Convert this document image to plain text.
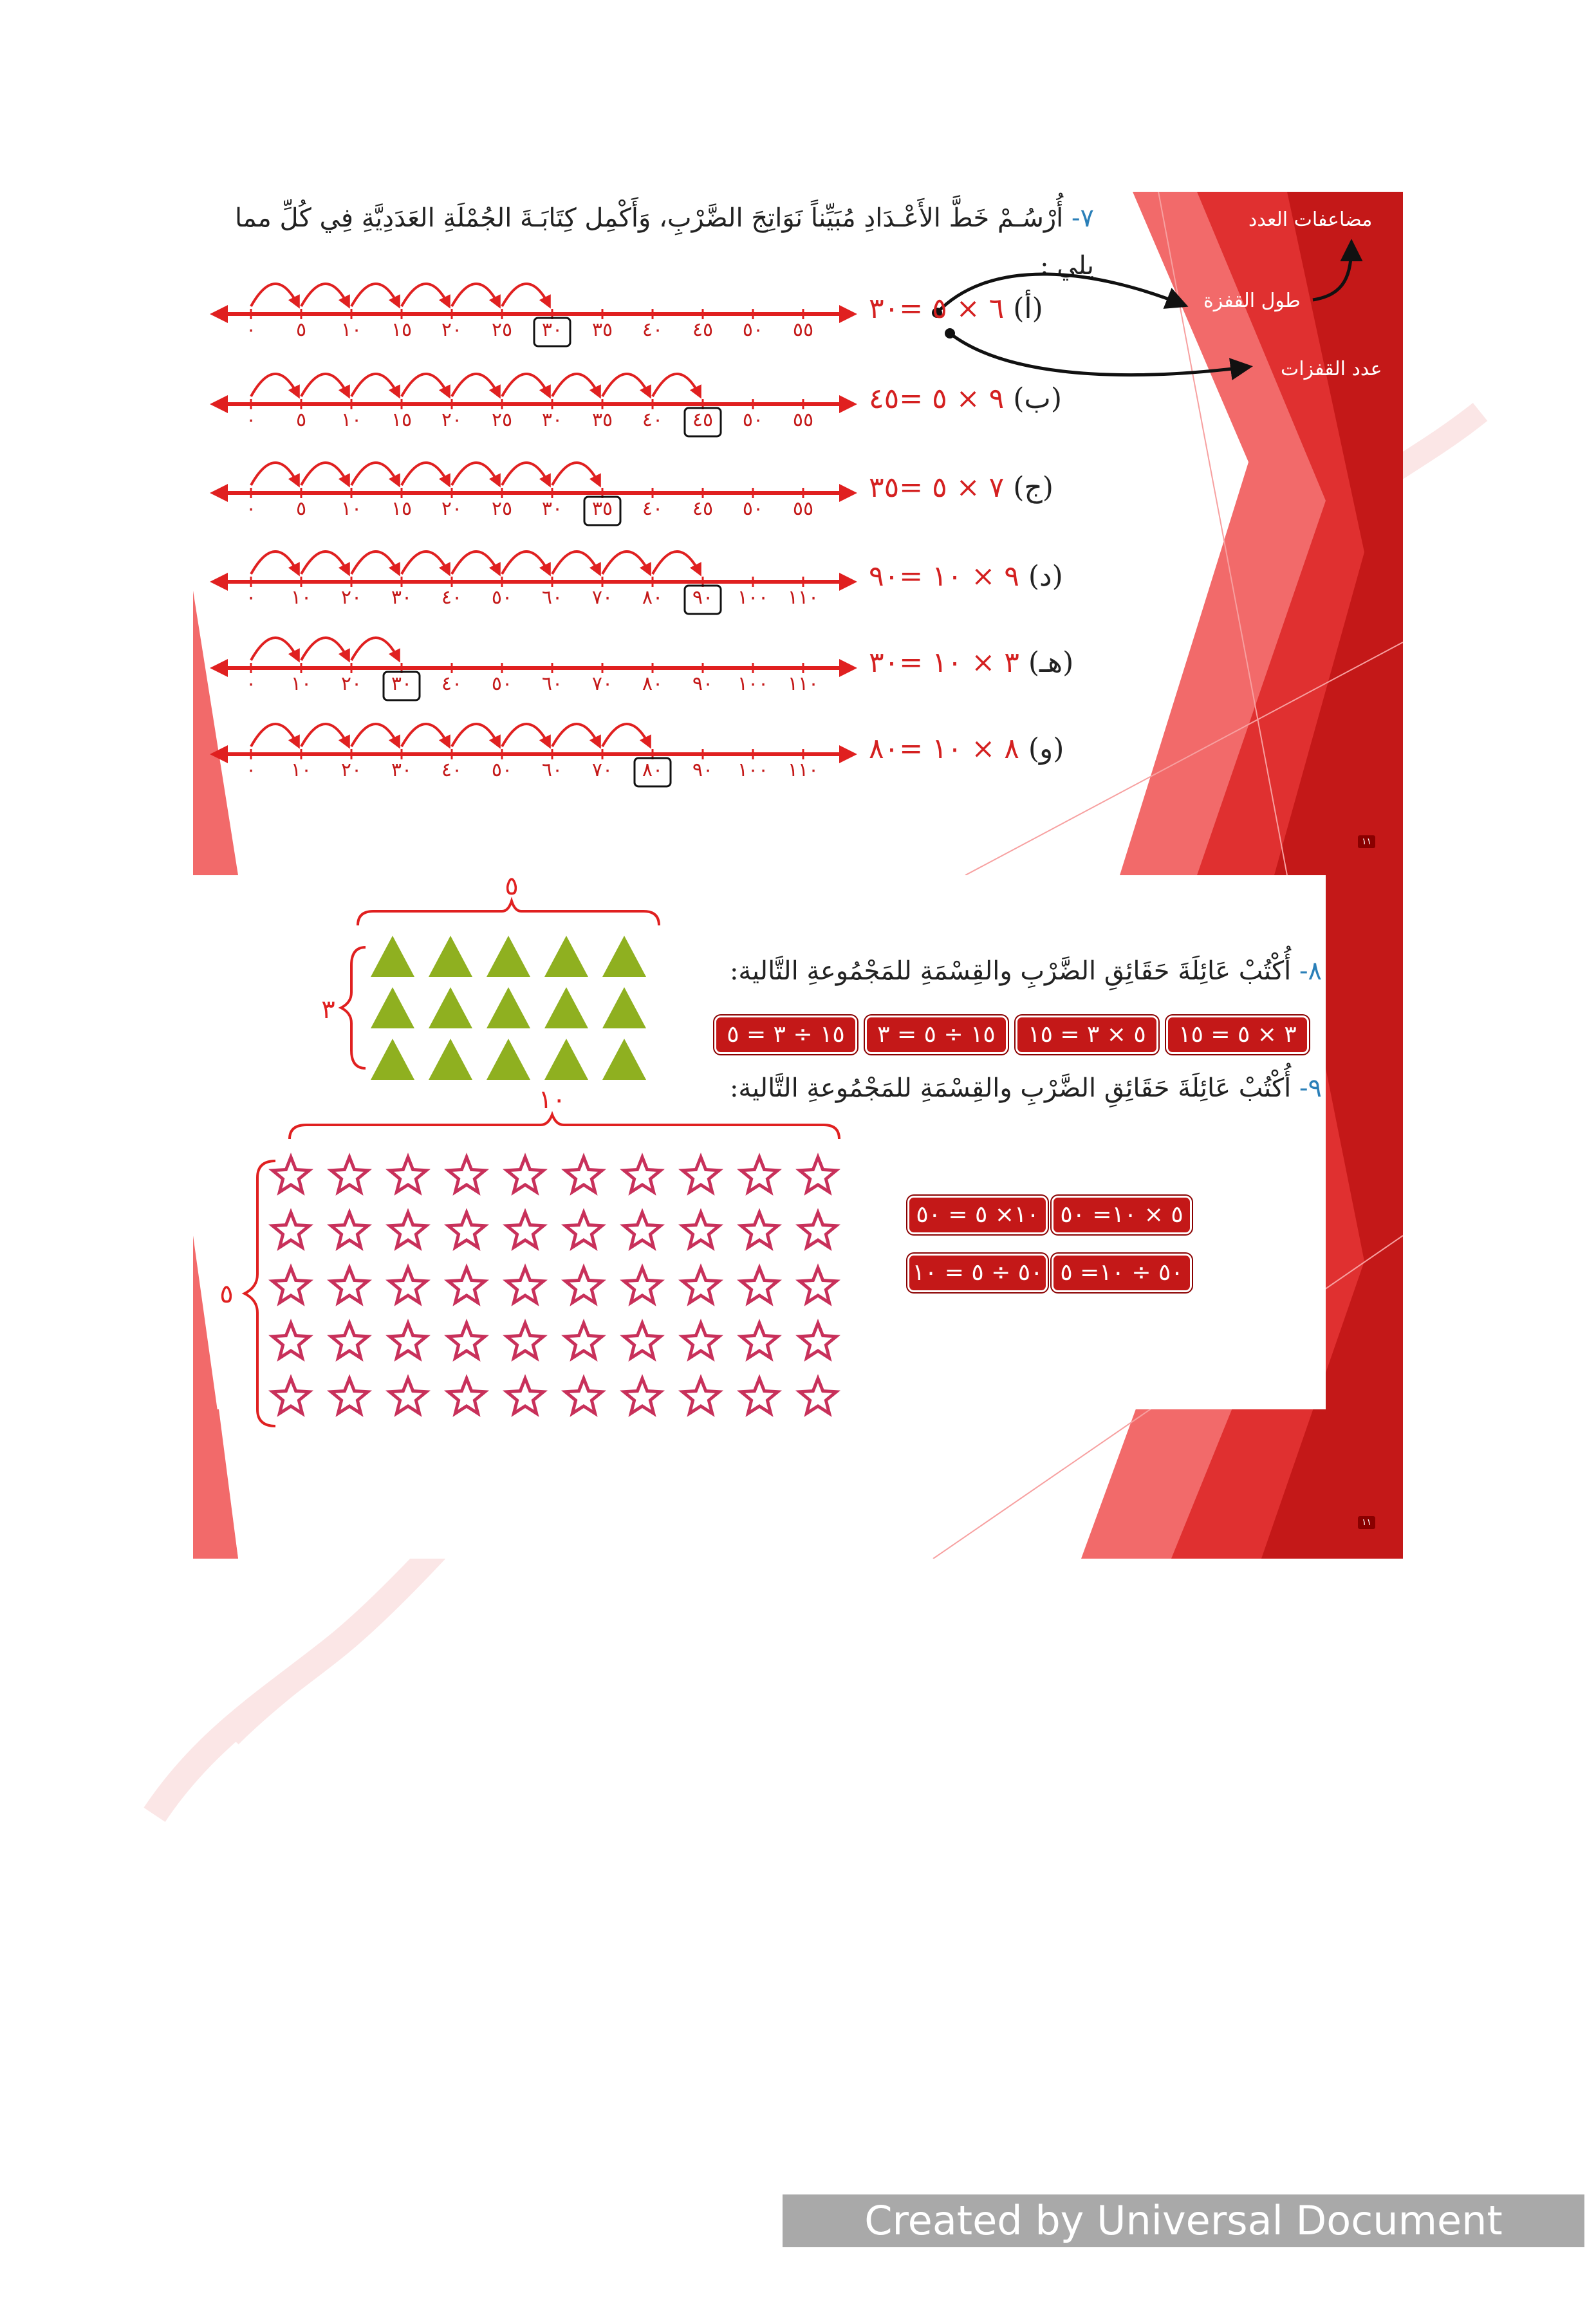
٧- أُرْسُـمْ خَطَّ الأَعْـدَادِ مُبَيِّناً نَوَاتِجَ الضَّرْبِ، وَأَكْمِل كِتَابَـةَ الجُمْلَةِ العَدَدِيَّةِ فِي كُلِّ مما
يلي :
مضاعفات العدد
طول القفزة
عدد القفزات
(أ) ٦ × ٥ =٣٠
(ب) ٩ × ٥ =٤٥
(ج) ٧ × ٥ =٣٥
(د) ٩ × ١٠ =٩٠
(هـ) ٣ × ١٠ =٣٠
(و) ٨ × ١٠ =٨٠
٠ ٥ ١٠ ١٥ ٢٠ ٢٥ ٣٠ ٣٥ ٤٠ ٤٥ ٥٠ ٥٥
٠ ٥ ١٠ ١٥ ٢٠ ٢٥ ٣٠ ٣٥ ٤٠ ٤٥ ٥٠ ٥٥
٠ ٥ ١٠ ١٥ ٢٠ ٢٥ ٣٠ ٣٥ ٤٠ ٤٥ ٥٠ ٥٥
٠ ١٠ ٢٠ ٣٠ ٤٠ ٥٠ ٦٠ ٧٠ ٨٠ ٩٠ ١٠٠ ١١٠
٠ ١٠ ٢٠ ٣٠ ٤٠ ٥٠ ٦٠ ٧٠ ٨٠ ٩٠ ١٠٠ ١١٠
٠ ١٠ ٢٠ ٣٠ ٤٠ ٥٠ ٦٠ ٧٠ ٨٠ ٩٠ ١٠٠ ١١٠
١١
٨- أُكْتُبْ عَائِلَةَ حَقَائِقِ الضَّرْبِ والقِسْمَةِ للمَجْمُوعةِ التَّالية:
٣ × ٥ = ١٥
٥ × ٣ = ١٥
١٥ ÷ ٥ = ٣
١٥ ÷ ٣ = ٥
٩- أُكْتُبْ عَائِلَةَ حَقَائِقِ الضَّرْبِ والقِسْمَةِ للمَجْمُوعةِ التَّالية:
٥ × ١٠= ٥٠
١٠× ٥ = ٥٠
٥٠ ÷ ١٠= ٥
٥٠ ÷ ٥ = ١٠
٥
٣
١٠
٥
١١
Created by Universal Document Converter
